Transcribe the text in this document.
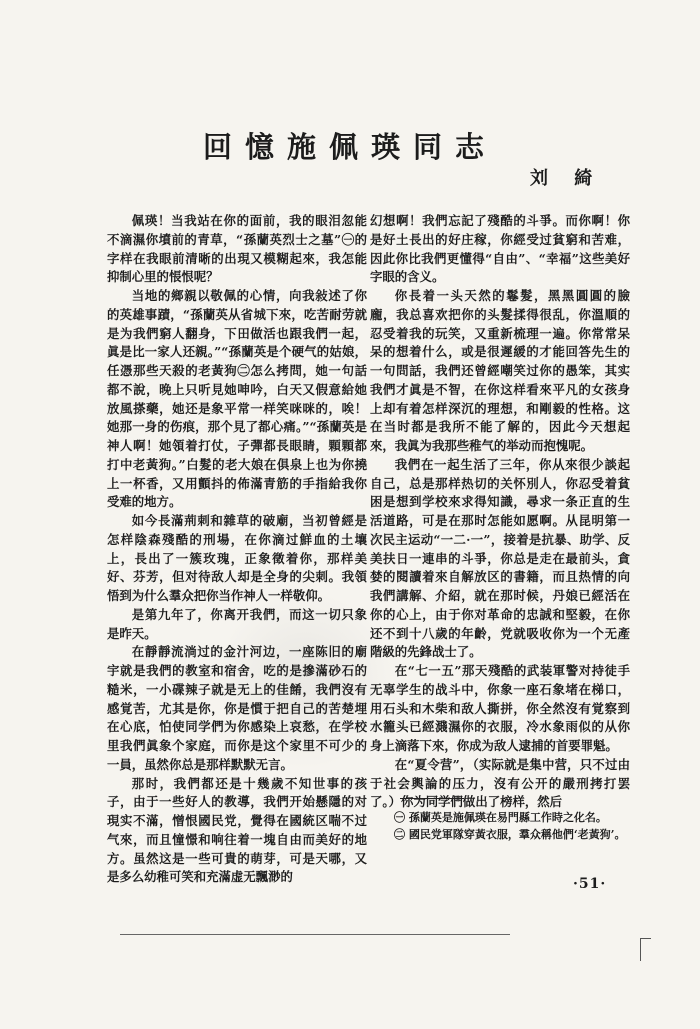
回憶施佩瑛同志
刘 綺

佩瑛！当我站在你的面前，我的眼泪忽能不滴濕你墳前的青草，“孫蘭英烈士之墓”㊀的字样在我眼前清晰的出現又模糊起來，我怎能抑制心里的悵恨呢？

当地的鄉親以敬佩的心情，向我敍述了你的英雄事蹟，“孫蘭英从省城下來，吃苦耐劳就是为我們窮人翻身，下田做活也跟我們一起，眞是比一家人还親。”“孫蘭英是个硬气的姑娘，任憑那些天殺的老黃狗㊁怎么拷問，她一句話都不說，晚上只听見她呻吟，白天又假意給她放風搽藥，她还是象平常一样笑咪咪的，唉！她那一身的伤痕，那个見了都心痛。”“孫蘭英是神人啊！她領着打仗，子彈都長眼睛，顆顆都打中老黃狗。”白髮的老大娘在俱泉上也为你撓上一杯香，又用顫抖的佈滿青筋的手指給我你受难的地方。

如今長滿荊刺和雜草的破廟，当初曾經是怎样陰森殘酷的刑場，在你滴过鮮血的土壤上，長出了一簇玫瑰，正象徵着你，那样美好、芬芳，但对待敌人却是全身的尖刺。我領悟到为什么羣众把你当作神人一样敬仰。

是第九年了，你离开我們，而这一切只象是昨天。

在靜靜流淌过的金汁河边，一座陈旧的廟宇就是我們的教室和宿舍，吃的是摻滿砂石的糙米，一小碟辣子就是无上的佳餚，我們沒有感覚苦，尤其是你，你是慣于把自己的苦楚埋在心底，怕使同学們为你感染上哀愁，在学校里我們眞象个家庭，而你是这个家里不可少的一員，虽然你总是那样默默无言。

那时，我們都还是十幾歲不知世事的孩子，由于一些好人的教導，我們开始懸隱的对現实不滿，憎恨國民党，覺得在國統区喘不过气來，而且憧憬和响往着一塊自由而美好的地方。虽然这是一些可貴的萌芽，可是天哪，又是多么幼稚可笑和充滿虚无飄渺的

幻想啊！我們忘記了殘酷的斗爭。而你啊！你是好土長出的好庄稼，你經受过貧窮和苦难，因此你比我們更懂得“自由”、“幸福”这些美好字眼的含义。

你長着一头天然的鬈髮，黑黑圓圓的臉龐，我总喜欢把你的头髮揉得很乱，你溫順的忍受着我的玩笑，又重新梳理一遍。你常常呆呆的想着什么，或是很遲緩的才能回答先生的一句問話，我們还曾經嘲笑过你的愚笨，其实我們才眞是不智，在你这样看來平凡的女孩身上却有着怎样深沉的理想，和剛毅的性格。这在当时都是我所不能了解的，因此今天想起來，我眞为我那些稚气的举动而抱愧呢。

我們在一起生活了三年，你从來很少談起自己，总是那样热切的关怀別人，你忍受着貧困是想到学校來求得知識，尋求一条正直的生活道路，可是在那时怎能如愿啊。从昆明第一次民主运动“一二·一”，接着是抗暴、助学、反美扶日一連串的斗爭，你总是走在最前头，貪婪的閱讀着來自解放区的書籍，而且热情的向我們講解、介紹，就在那时候，丹娘已經活在你的心上，由于你对革命的忠誠和堅毅，在你还不到十八歲的年齡，党就吸收你为一个无產階級的先鋒战士了。

在“七一五”那天殘酷的武装軍警对持徒手无辜学生的战斗中，你象一座石象堵在梯口，用石头和木柴和敌人撕拼，你全然沒有覚察到水籠头已經濺濕你的衣服，冷水象雨似的从你身上滴落下來，你成为敌人逮捕的首要罪魁。

在“夏令营”，（实际就是集中营，只不过由于社会輿論的压力，沒有公开的嚴刑拷打罢了。）你为同学們做出了榜样，然后

㊀ 孫蘭英是施佩瑛在易門縣工作時之化名。

㊁ 國民党軍隊穿黃衣服，羣众稱他們‘老黃狗’。

·51·
